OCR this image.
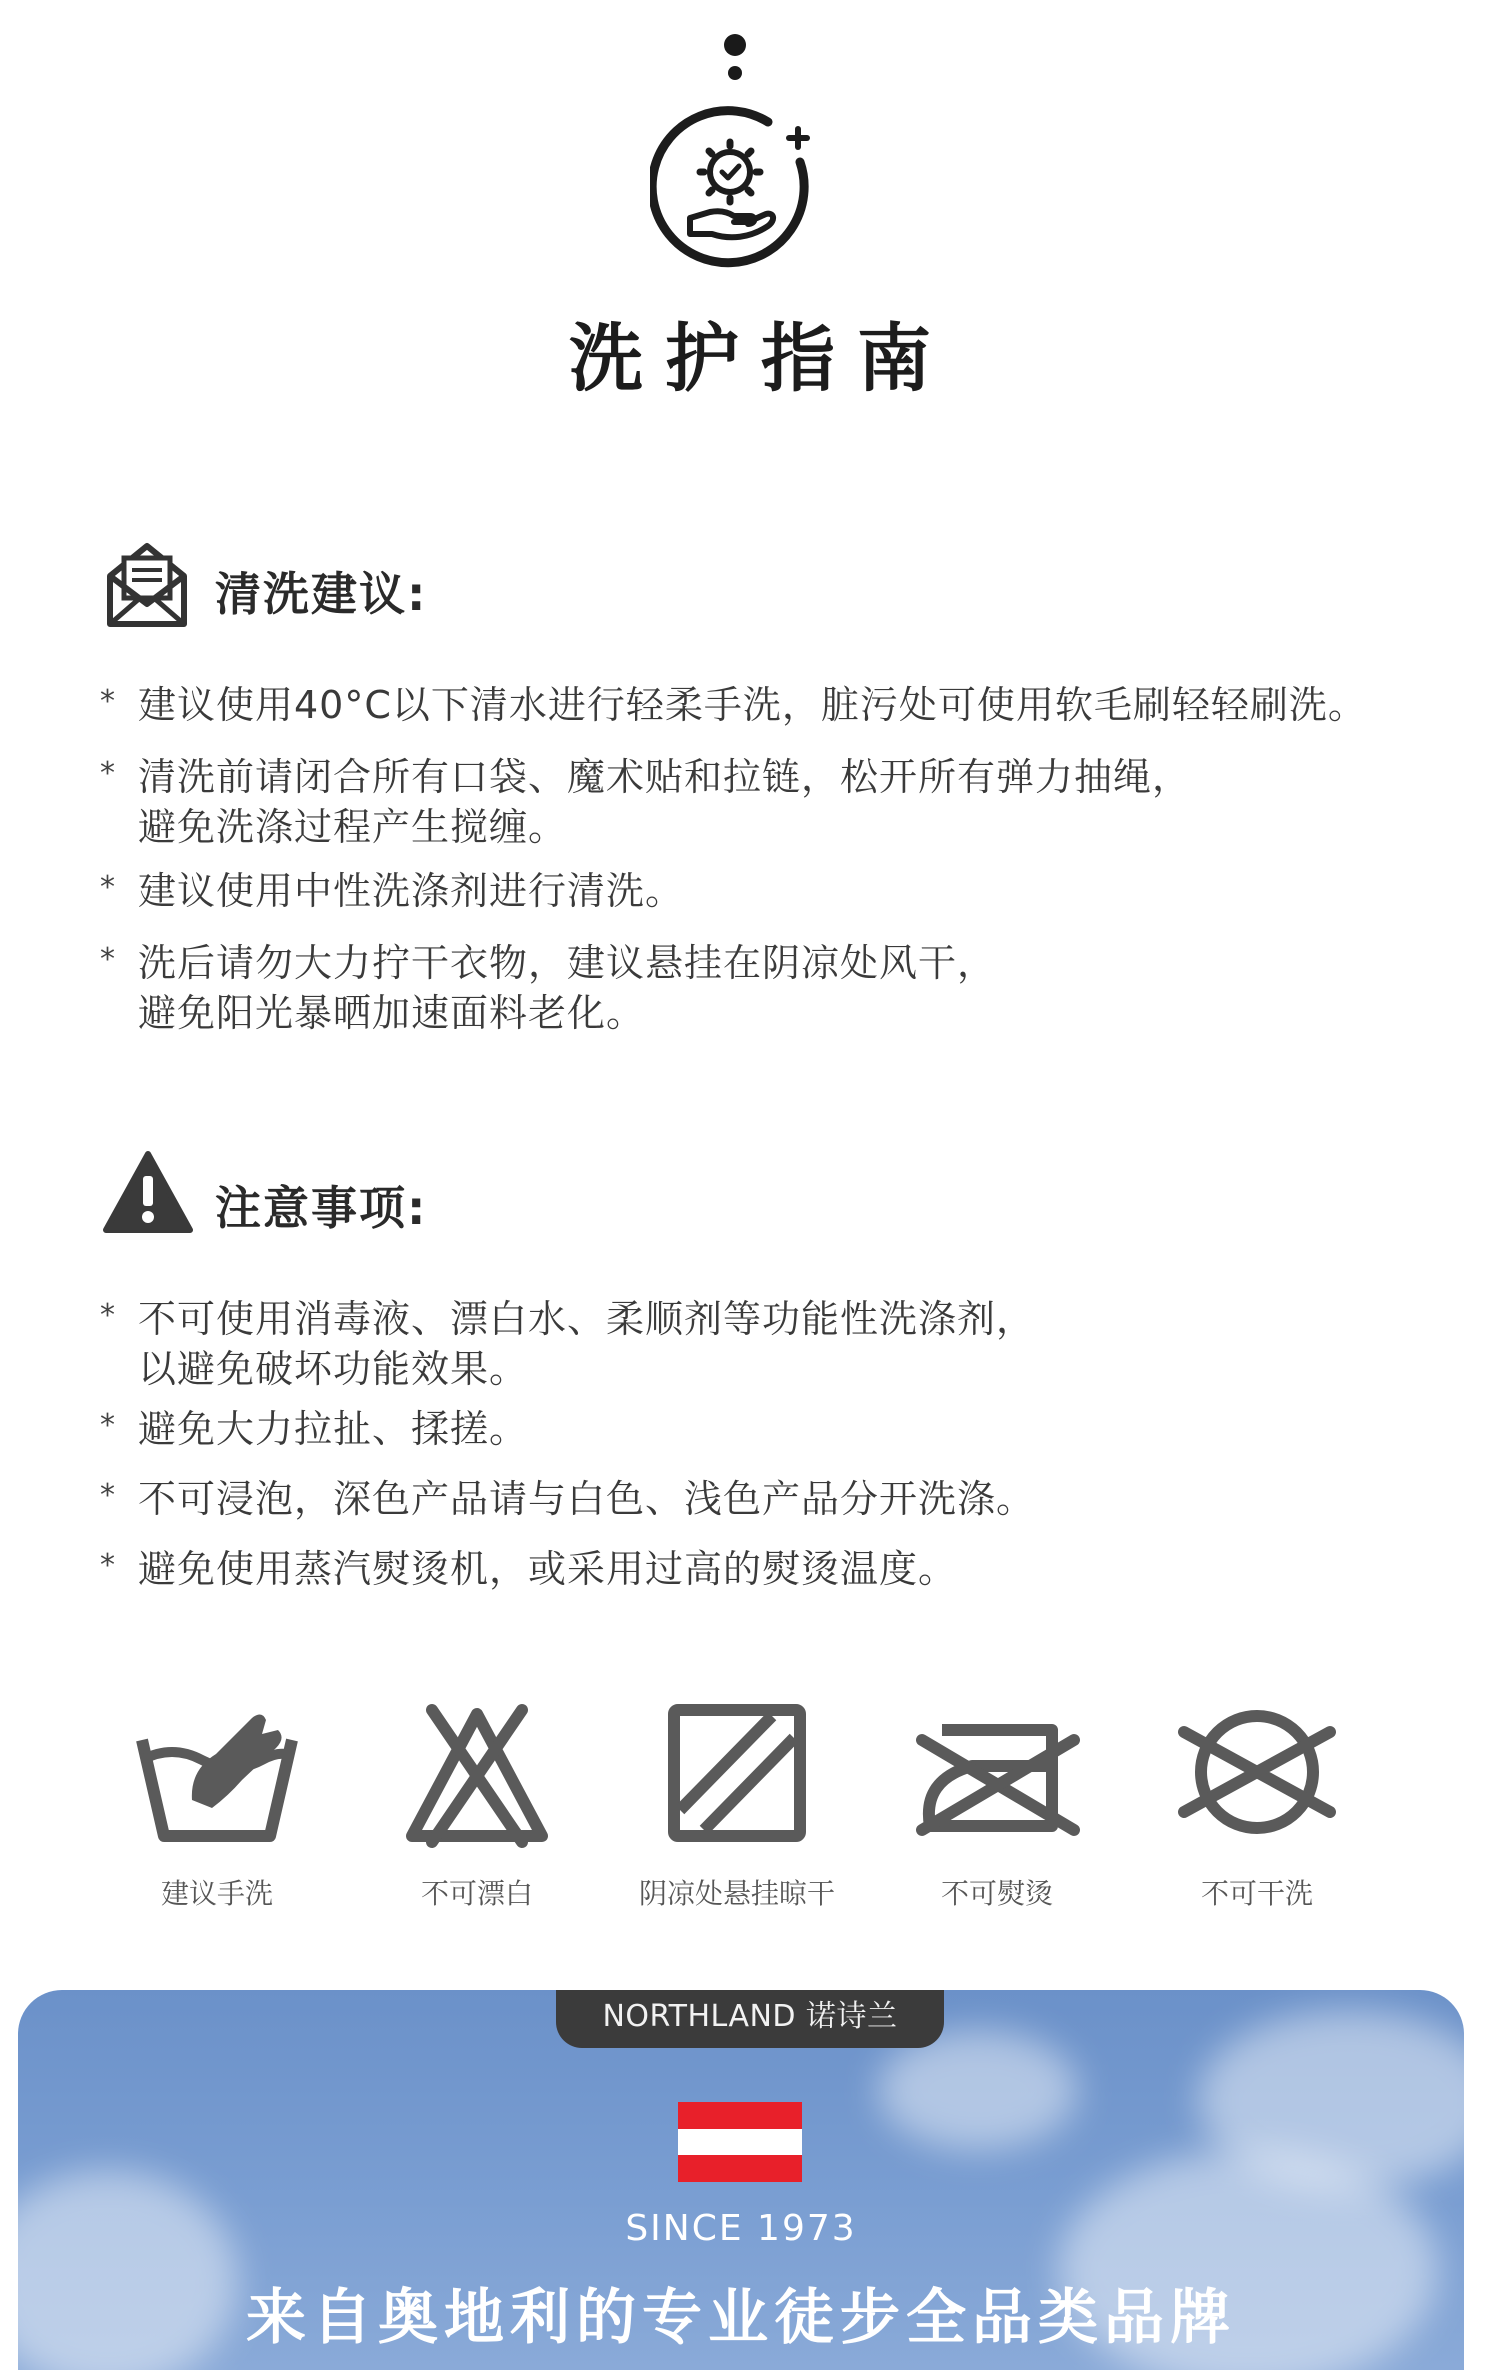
洗护指南
清洗建议:
* 建议使用40°C以下清水进行轻柔手洗，脏污处可使用软毛刷轻轻刷洗。
* 清洗前请闭合所有口袋、魔术贴和拉链，松开所有弹力抽绳，
避免洗涤过程产生搅缠。
* 建议使用中性洗涤剂进行清洗。
* 洗后请勿大力拧干衣物，建议悬挂在阴凉处风干，
避免阳光暴晒加速面料老化。
注意事项:
* 不可使用消毒液、漂白水、柔顺剂等功能性洗涤剂，
以避免破坏功能效果。
* 避免大力拉扯、揉搓。
* 不可浸泡，深色产品请与白色、浅色产品分开洗涤。
* 避免使用蒸汽熨烫机，或采用过高的熨烫温度。
建议手洗	不可漂白	阴凉处悬挂晾干	不可熨烫	不可干洗
NORTHLAND 诺诗兰
SINCE 1973
来自奥地利的专业徒步全品类品牌
